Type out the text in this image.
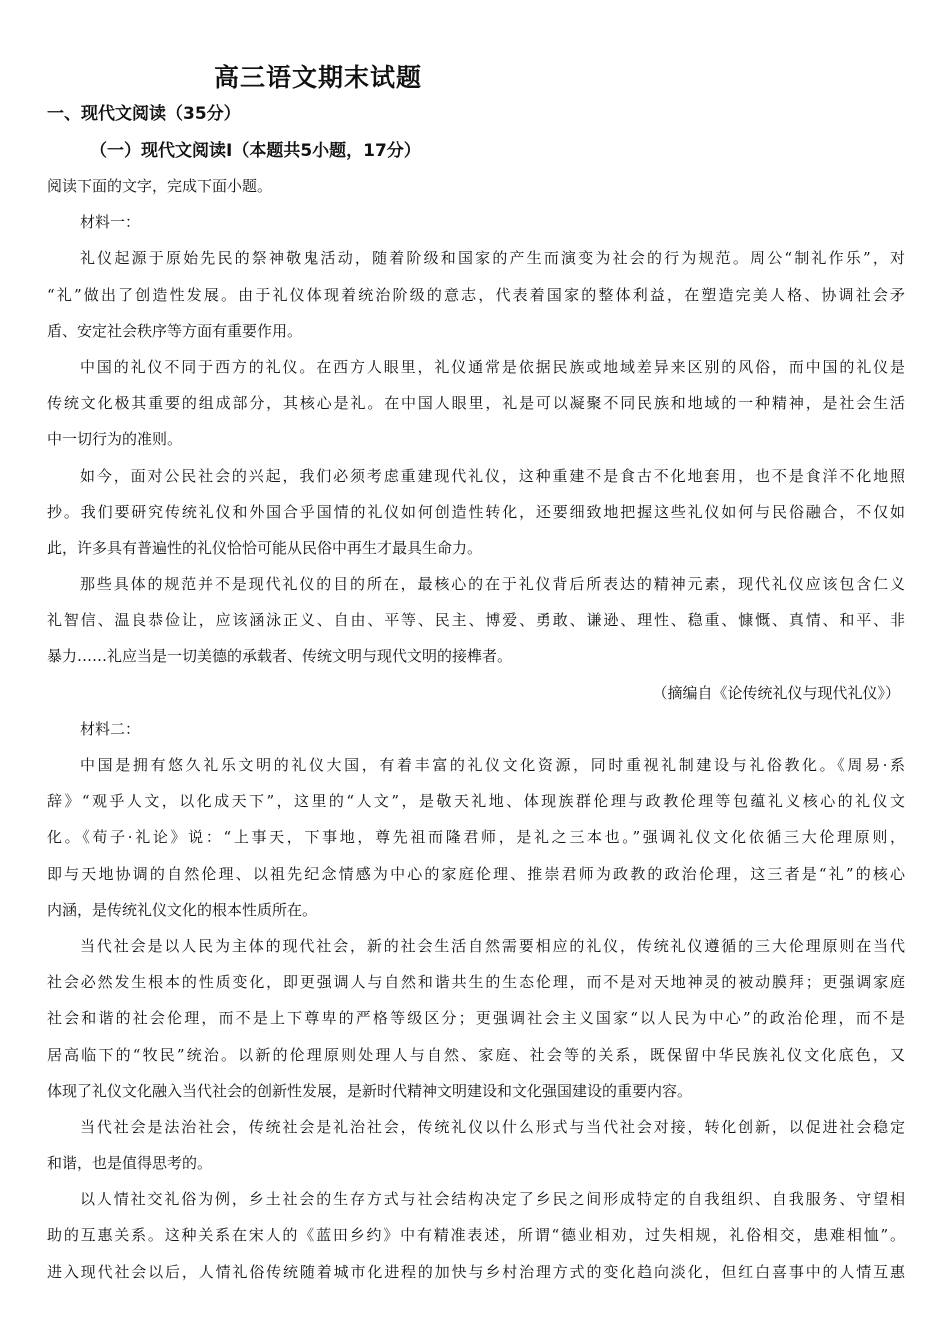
高三语文期末试题
一、现代文阅读（35分）
（一）现代文阅读Ⅰ（本题共5小题，17分）
阅读下面的文字，完成下面小题。
材料一：
礼仪起源于原始先民的祭神敬鬼活动，随着阶级和国家的产生而演变为社会的行为规范。周公“制礼作乐”，对
“礼”做出了创造性发展。由于礼仪体现着统治阶级的意志，代表着国家的整体利益，在塑造完美人格、协调社会矛
盾、安定社会秩序等方面有重要作用。
中国的礼仪不同于西方的礼仪。在西方人眼里，礼仪通常是依据民族或地域差异来区别的风俗，而中国的礼仪是
传统文化极其重要的组成部分，其核心是礼。在中国人眼里，礼是可以凝聚不同民族和地域的一种精神，是社会生活
中一切行为的准则。
如今，面对公民社会的兴起，我们必须考虑重建现代礼仪，这种重建不是食古不化地套用，也不是食洋不化地照
抄。我们要研究传统礼仪和外国合乎国情的礼仪如何创造性转化，还要细致地把握这些礼仪如何与民俗融合，不仅如
此，许多具有普遍性的礼仪恰恰可能从民俗中再生才最具生命力。
那些具体的规范并不是现代礼仪的目的所在，最核心的在于礼仪背后所表达的精神元素，现代礼仪应该包含仁义
礼智信、温良恭俭让，应该涵泳正义、自由、平等、民主、博爱、勇敢、谦逊、理性、稳重、慷慨、真情、和平、非
暴力……礼应当是一切美德的承载者、传统文明与现代文明的接榫者。
（摘编自《论传统礼仪与现代礼仪》）
材料二：
中国是拥有悠久礼乐文明的礼仪大国，有着丰富的礼仪文化资源，同时重视礼制建设与礼俗教化。《周易·系
辞》“观乎人文，以化成天下”，这里的“人文”，是敬天礼地、体现族群伦理与政教伦理等包蕴礼义核心的礼仪文
化。《荀子·礼论》说：“上事天，下事地，尊先祖而隆君师，是礼之三本也。”强调礼仪文化依循三大伦理原则，
即与天地协调的自然伦理、以祖先纪念情感为中心的家庭伦理、推崇君师为政教的政治伦理，这三者是“礼”的核心
内涵，是传统礼仪文化的根本性质所在。
当代社会是以人民为主体的现代社会，新的社会生活自然需要相应的礼仪，传统礼仪遵循的三大伦理原则在当代
社会必然发生根本的性质变化，即更强调人与自然和谐共生的生态伦理，而不是对天地神灵的被动膜拜；更强调家庭
社会和谐的社会伦理，而不是上下尊卑的严格等级区分；更强调社会主义国家“以人民为中心”的政治伦理，而不是
居高临下的“牧民”统治。以新的伦理原则处理人与自然、家庭、社会等的关系，既保留中华民族礼仪文化底色，又
体现了礼仪文化融入当代社会的创新性发展，是新时代精神文明建设和文化强国建设的重要内容。
当代社会是法治社会，传统社会是礼治社会，传统礼仪以什么形式与当代社会对接，转化创新，以促进社会稳定
和谐，也是值得思考的。
以人情社交礼俗为例，乡土社会的生存方式与社会结构决定了乡民之间形成特定的自我组织、自我服务、守望相
助的互惠关系。这种关系在宋人的《蓝田乡约》中有精准表述，所谓“德业相劝，过失相规，礼俗相交，患难相恤”。
进入现代社会以后，人情礼俗传统随着城市化进程的加快与乡村治理方式的变化趋向淡化，但红白喜事中的人情互惠
